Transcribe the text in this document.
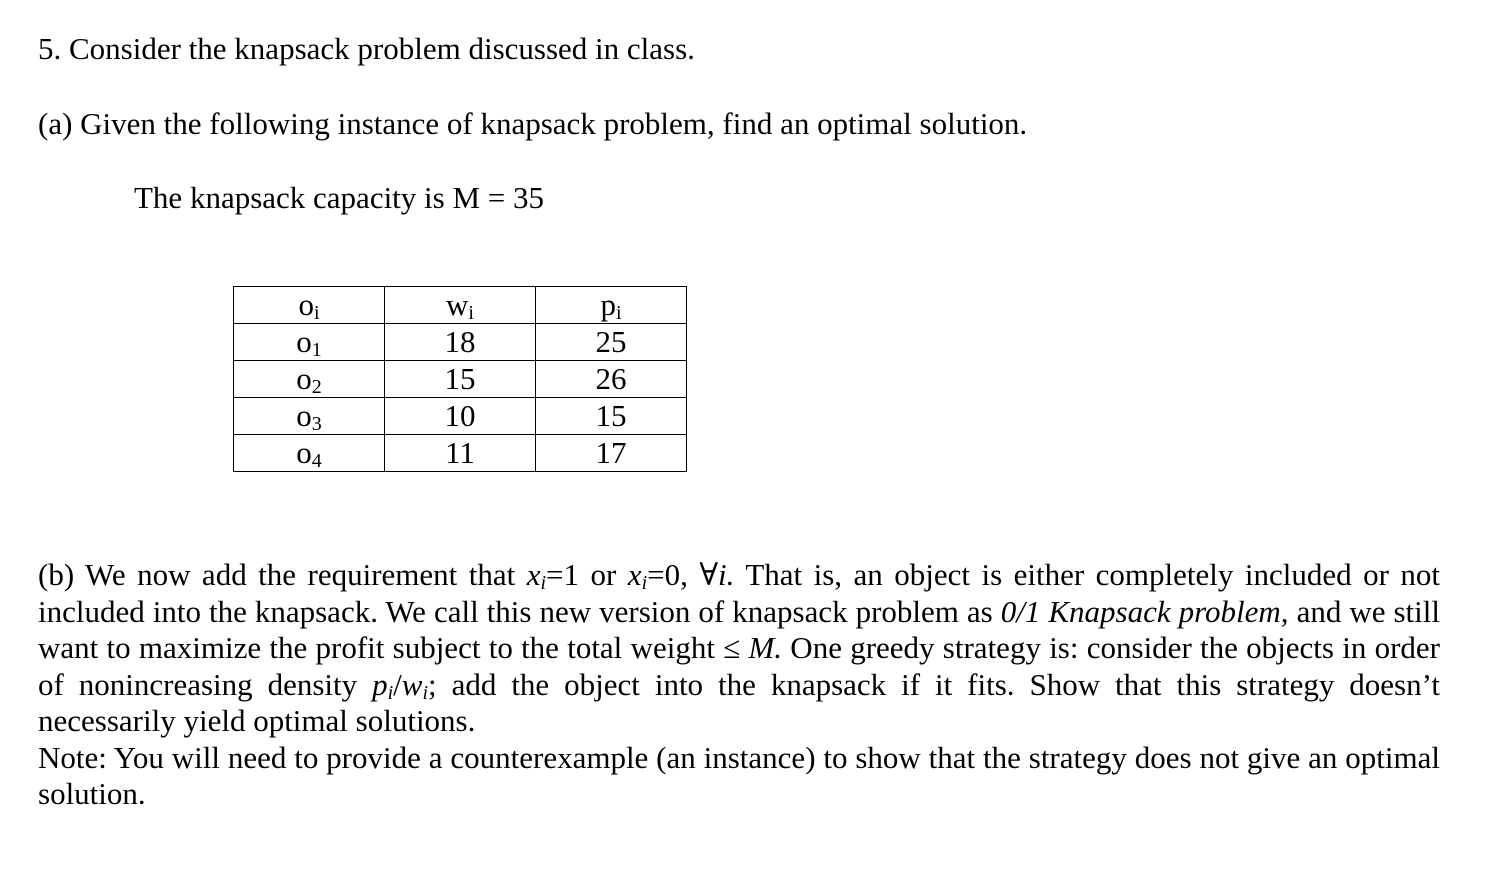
5. Consider the knapsack problem discussed in class.
(a) Given the following instance of knapsack problem, find an optimal solution.
The knapsack capacity is M = 35
$o_i$	$w_i$	$p_i$
$o_1$	18	25
$o_2$	15	26
$o_3$	10	15
$o_4$	11	17

(b) We now add the requirement that $x_i=1$ or $x_i=0$, ∀i. That is, an object is either completely included or not included into the knapsack. We call this new version of knapsack problem as 0/1 Knapsack problem, and we still want to maximize the profit subject to the total weight ≤ M. One greedy strategy is: consider the objects in order of nonincreasing density $p_i/w_i$; add the object into the knapsack if it fits. Show that this strategy doesn’t necessarily yield optimal solutions.

Note: You will need to provide a counterexample (an instance) to show that the strategy does not give an optimal solution.
